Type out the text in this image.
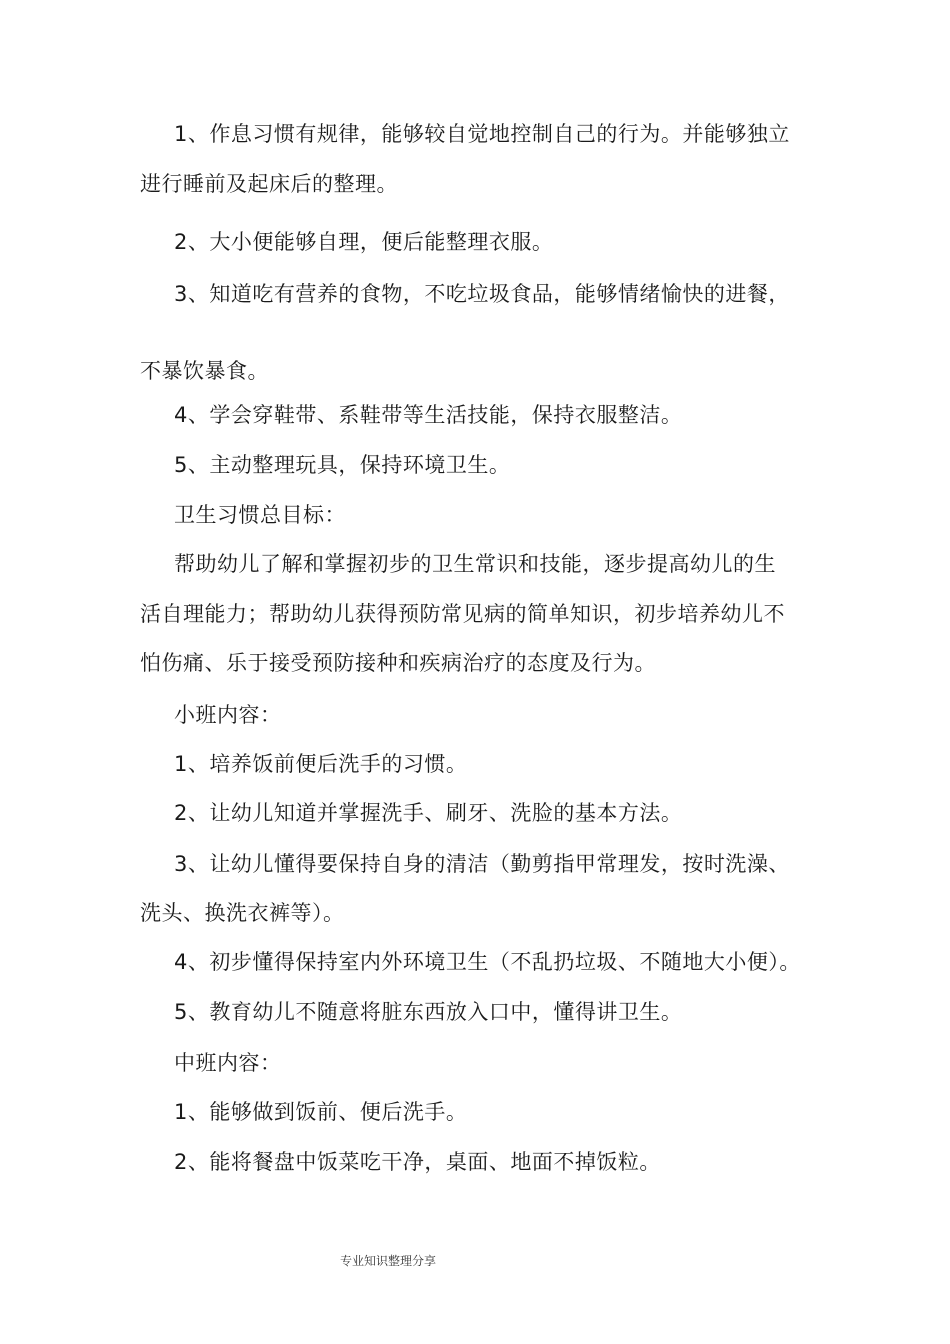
1、作息习惯有规律，能够较自觉地控制自己的行为。并能够独立
进行睡前及起床后的整理。
2、大小便能够自理，便后能整理衣服。
3、知道吃有营养的食物，不吃垃圾食品，能够情绪愉快的进餐，
不暴饮暴食。
4、学会穿鞋带、系鞋带等生活技能，保持衣服整洁。
5、主动整理玩具，保持环境卫生。
卫生习惯总目标：
帮助幼儿了解和掌握初步的卫生常识和技能，逐步提高幼儿的生
活自理能力；帮助幼儿获得预防常见病的简单知识，初步培养幼儿不
怕伤痛、乐于接受预防接种和疾病治疗的态度及行为。
小班内容：
1、培养饭前便后洗手的习惯。
2、让幼儿知道并掌握洗手、刷牙、洗脸的基本方法。
3、让幼儿懂得要保持自身的清洁（勤剪指甲常理发，按时洗澡、
洗头、换洗衣裤等）。
4、初步懂得保持室内外环境卫生（不乱扔垃圾、不随地大小便）。
5、教育幼儿不随意将脏东西放入口中，懂得讲卫生。
中班内容：
1、能够做到饭前、便后洗手。
2、能将餐盘中饭菜吃干净，桌面、地面不掉饭粒。
专业知识整理分享
